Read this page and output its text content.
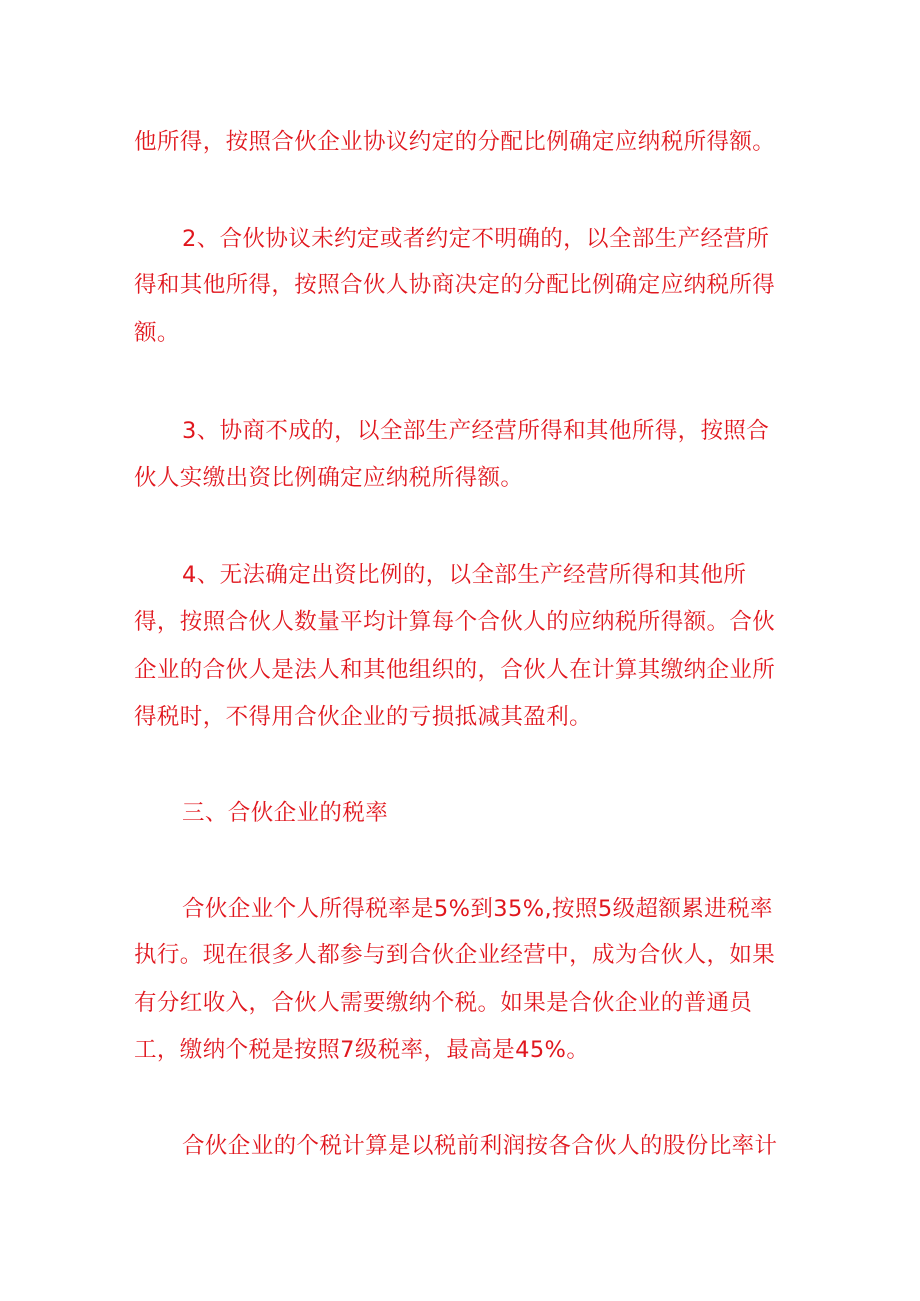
他所得，按照合伙企业协议约定的分配比例确定应纳税所得额。
2、合伙协议未约定或者约定不明确的，以全部生产经营所
得和其他所得，按照合伙人协商决定的分配比例确定应纳税所得
额。
3、协商不成的，以全部生产经营所得和其他所得，按照合
伙人实缴出资比例确定应纳税所得额。
4、无法确定出资比例的，以全部生产经营所得和其他所
得，按照合伙人数量平均计算每个合伙人的应纳税所得额。合伙
企业的合伙人是法人和其他组织的，合伙人在计算其缴纳企业所
得税时，不得用合伙企业的亏损抵减其盈利。
三、合伙企业的税率
合伙企业个人所得税率是5%到35%,按照5级超额累进税率
执行。现在很多人都参与到合伙企业经营中，成为合伙人，如果
有分红收入，合伙人需要缴纳个税。如果是合伙企业的普通员
工，缴纳个税是按照7级税率，最高是45%。
合伙企业的个税计算是以税前利润按各合伙人的股份比率计
